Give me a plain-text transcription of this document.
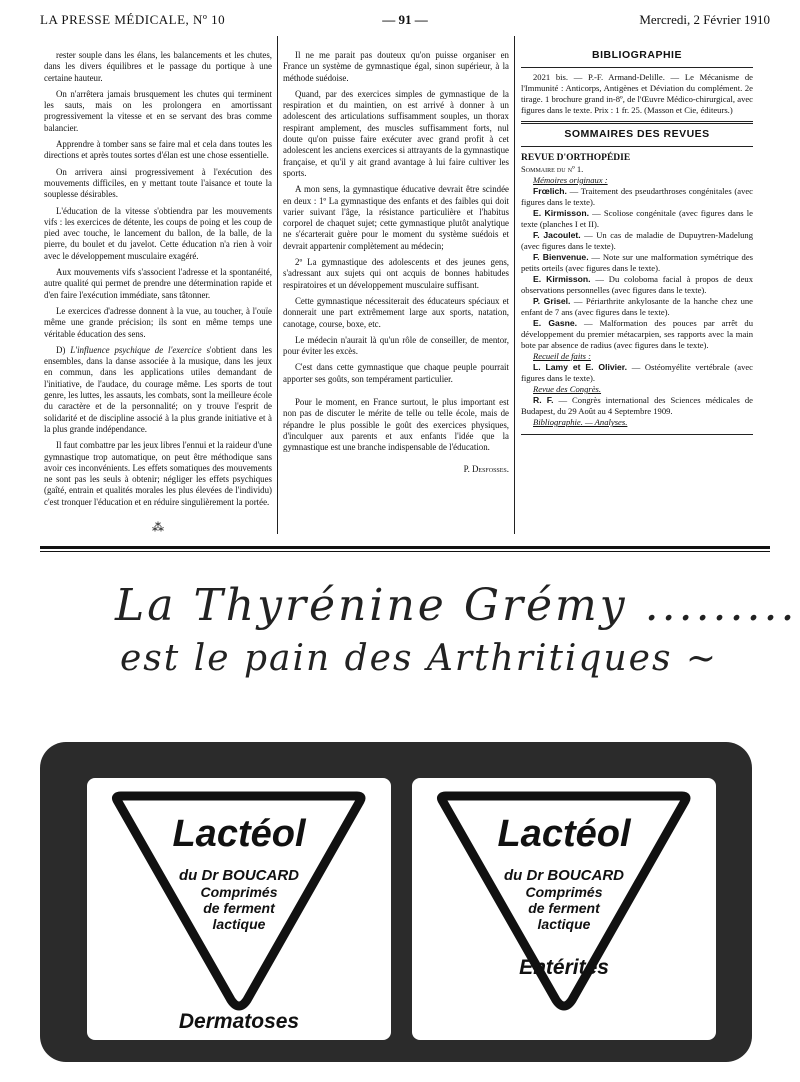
LA PRESSE MÉDICALE, Nº 10	— 91 —	Mercredi, 2 Février 1910

rester souple dans les élans, les balancements et les chutes, dans les divers équilibres et le passage du portique à une certaine hauteur.

On n'arrêtera jamais brusquement les chutes qui terminent les sauts, mais on les prolongera en amortissant progressivement la vitesse et en se servant des bras comme balancier.

Apprendre à tomber sans se faire mal et cela dans toutes les directions et après toutes sortes d'élan est une chose essentielle.

On arrivera ainsi progressivement à l'exécution des mouvements difficiles, en y mettant toute l'aisance et toute la souplesse désirables.

L'éducation de la vitesse s'obtiendra par les mouvements vifs : les exercices de détente, les coups de poing et les coup de pied avec touche, le lancement du ballon, de la balle, de la pierre, du boulet et du javelot. Cette éducation n'a rien à voir avec le développement musculaire exagéré.

Aux mouvements vifs s'associent l'adresse et la spontanéité, autre qualité qui permet de prendre une détermination rapide et d'en faire l'exécution immédiate, sans tâtonner.

Le exercices d'adresse donnent à la vue, au toucher, à l'ouïe même une grande précision; ils sont en même temps une véritable éducation des sens.

D) L'influence psychique de l'exercice s'obtient dans les ensembles, dans la danse associée à la musique, dans les jeux en commun, dans les applications utiles demandant de l'initiative, de l'audace, du courage même. Les sports de tout genre, les luttes, les assauts, les combats, sont la meilleure école du caractère et de la personnalité; on y trouve l'esprit de solidarité et de discipline associé à la plus grande initiative et à la plus grande indépendance.

Il faut combattre par les jeux libres l'ennui et la raideur d'une gymnastique trop automatique, on peut être méthodique sans avoir ces inconvénients. Les effets somatiques des mouvements ne sont pas les seuls à obtenir; négliger les effets psychiques (gaîté, entrain et qualités morales les plus élevées de l'individu) c'est tronquer l'éducation et en réduire singulièrement la portée.

⁂

Il ne me parait pas douteux qu'on puisse organiser en France un système de gymnastique égal, sinon supérieur, à la méthode suédoise.

Quand, par des exercices simples de gymnastique de la respiration et du maintien, on est arrivé à donner à un adolescent des articulations suffisamment souples, un thorax respirant amplement, des muscles suffisamment forts, nul doute qu'on puisse faire exécuter avec grand profit à cet adolescent les anciens exercices si attrayants de la gymnastique française, et qu'il y ait grand avantage à lui faire cultiver les sports.

A mon sens, la gymnastique éducative devrait être scindée en deux : 1º La gymnastique des enfants et des faibles qui doit varier suivant l'âge, la résistance particulière et l'habitus corporel de chaquet sujet; cette gymnastique plutôt analytique ne s'écarterait guère pour le moment du système suédois et devrait appartenir complètement au médecin;

2º La gymnastique des adolescents et des jeunes gens, s'adressant aux sujets qui ont acquis de bonnes habitudes respiratoires et un développement musculaire suffisant.

Cette gymnastique nécessiterait des éducateurs spéciaux et donnerait une part extrêmement large aux sports, natation, canotage, course, boxe, etc.

Le médecin n'aurait là qu'un rôle de conseiller, de mentor, pour éviter les excès.

C'est dans cette gymnastique que chaque peuple pourrait apporter ses goûts, son tempérament particulier.

Pour le moment, en France surtout, le plus important est non pas de discuter le mérite de telle ou telle école, mais de répandre le plus possible le goût des exercices physiques, d'inculquer aux parents et aux enfants l'idée que la gymnastique est une branche indispensable de l'éducation.

P. Desfosses.
BIBLIOGRAPHIE

2021 bis. — P.-F. Armand-Delille. — Le Mécanisme de l'Immunité : Anticorps, Antigènes et Déviation du complément. 2e tirage. 1 brochure grand in-8º, de l'Œuvre Médico-chirurgical, avec figures dans le texte. Prix : 1 fr. 25. (Masson et Cie, éditeurs.)

SOMMAIRES DES REVUES
REVUE D'ORTHOPÉDIE
Sommaire du nº 1.
Mémoires originaux :

Frœlich. — Traitement des pseudarthroses congénitales (avec figures dans le texte).

E. Kirmisson. — Scoliose congénitale (avec figures dans le texte (planches I et II).

F. Jacoulet. — Un cas de maladie de Dupuytren-Madelung (avec figures dans le texte).

F. Bienvenue. — Note sur une malformation symétrique des petits orteils (avec figures dans le texte).

E. Kirmisson. — Du coloboma facial à propos de deux observations personnelles (avec figures dans le texte).

P. Grisel. — Périarthrite ankylosante de la hanche chez une enfant de 7 ans (avec figures dans le texte).

E. Gasne. — Malformation des pouces par arrêt du développement du premier métacarpien, ses rapports avec la main bote par absence de radius (avec figures dans le texte).

Recueil de faits :

L. Lamy et E. Olivier. — Ostéomyélite vertébrale (avec figures dans le texte).

Revue des Congrès.

R. F. — Congrès international des Sciences médicales de Budapest, du 29 Août au 4 Septembre 1909.

Bibliographie. — Analyses.
La Thyrénine Grémy .........
est le pain des Arthritiques ~
Lactéol
du Dr BOUCARD
Comprimés
de ferment
lactique
Dermatoses
Lactéol
du Dr BOUCARD
Comprimés
de ferment
lactique
Entérites
